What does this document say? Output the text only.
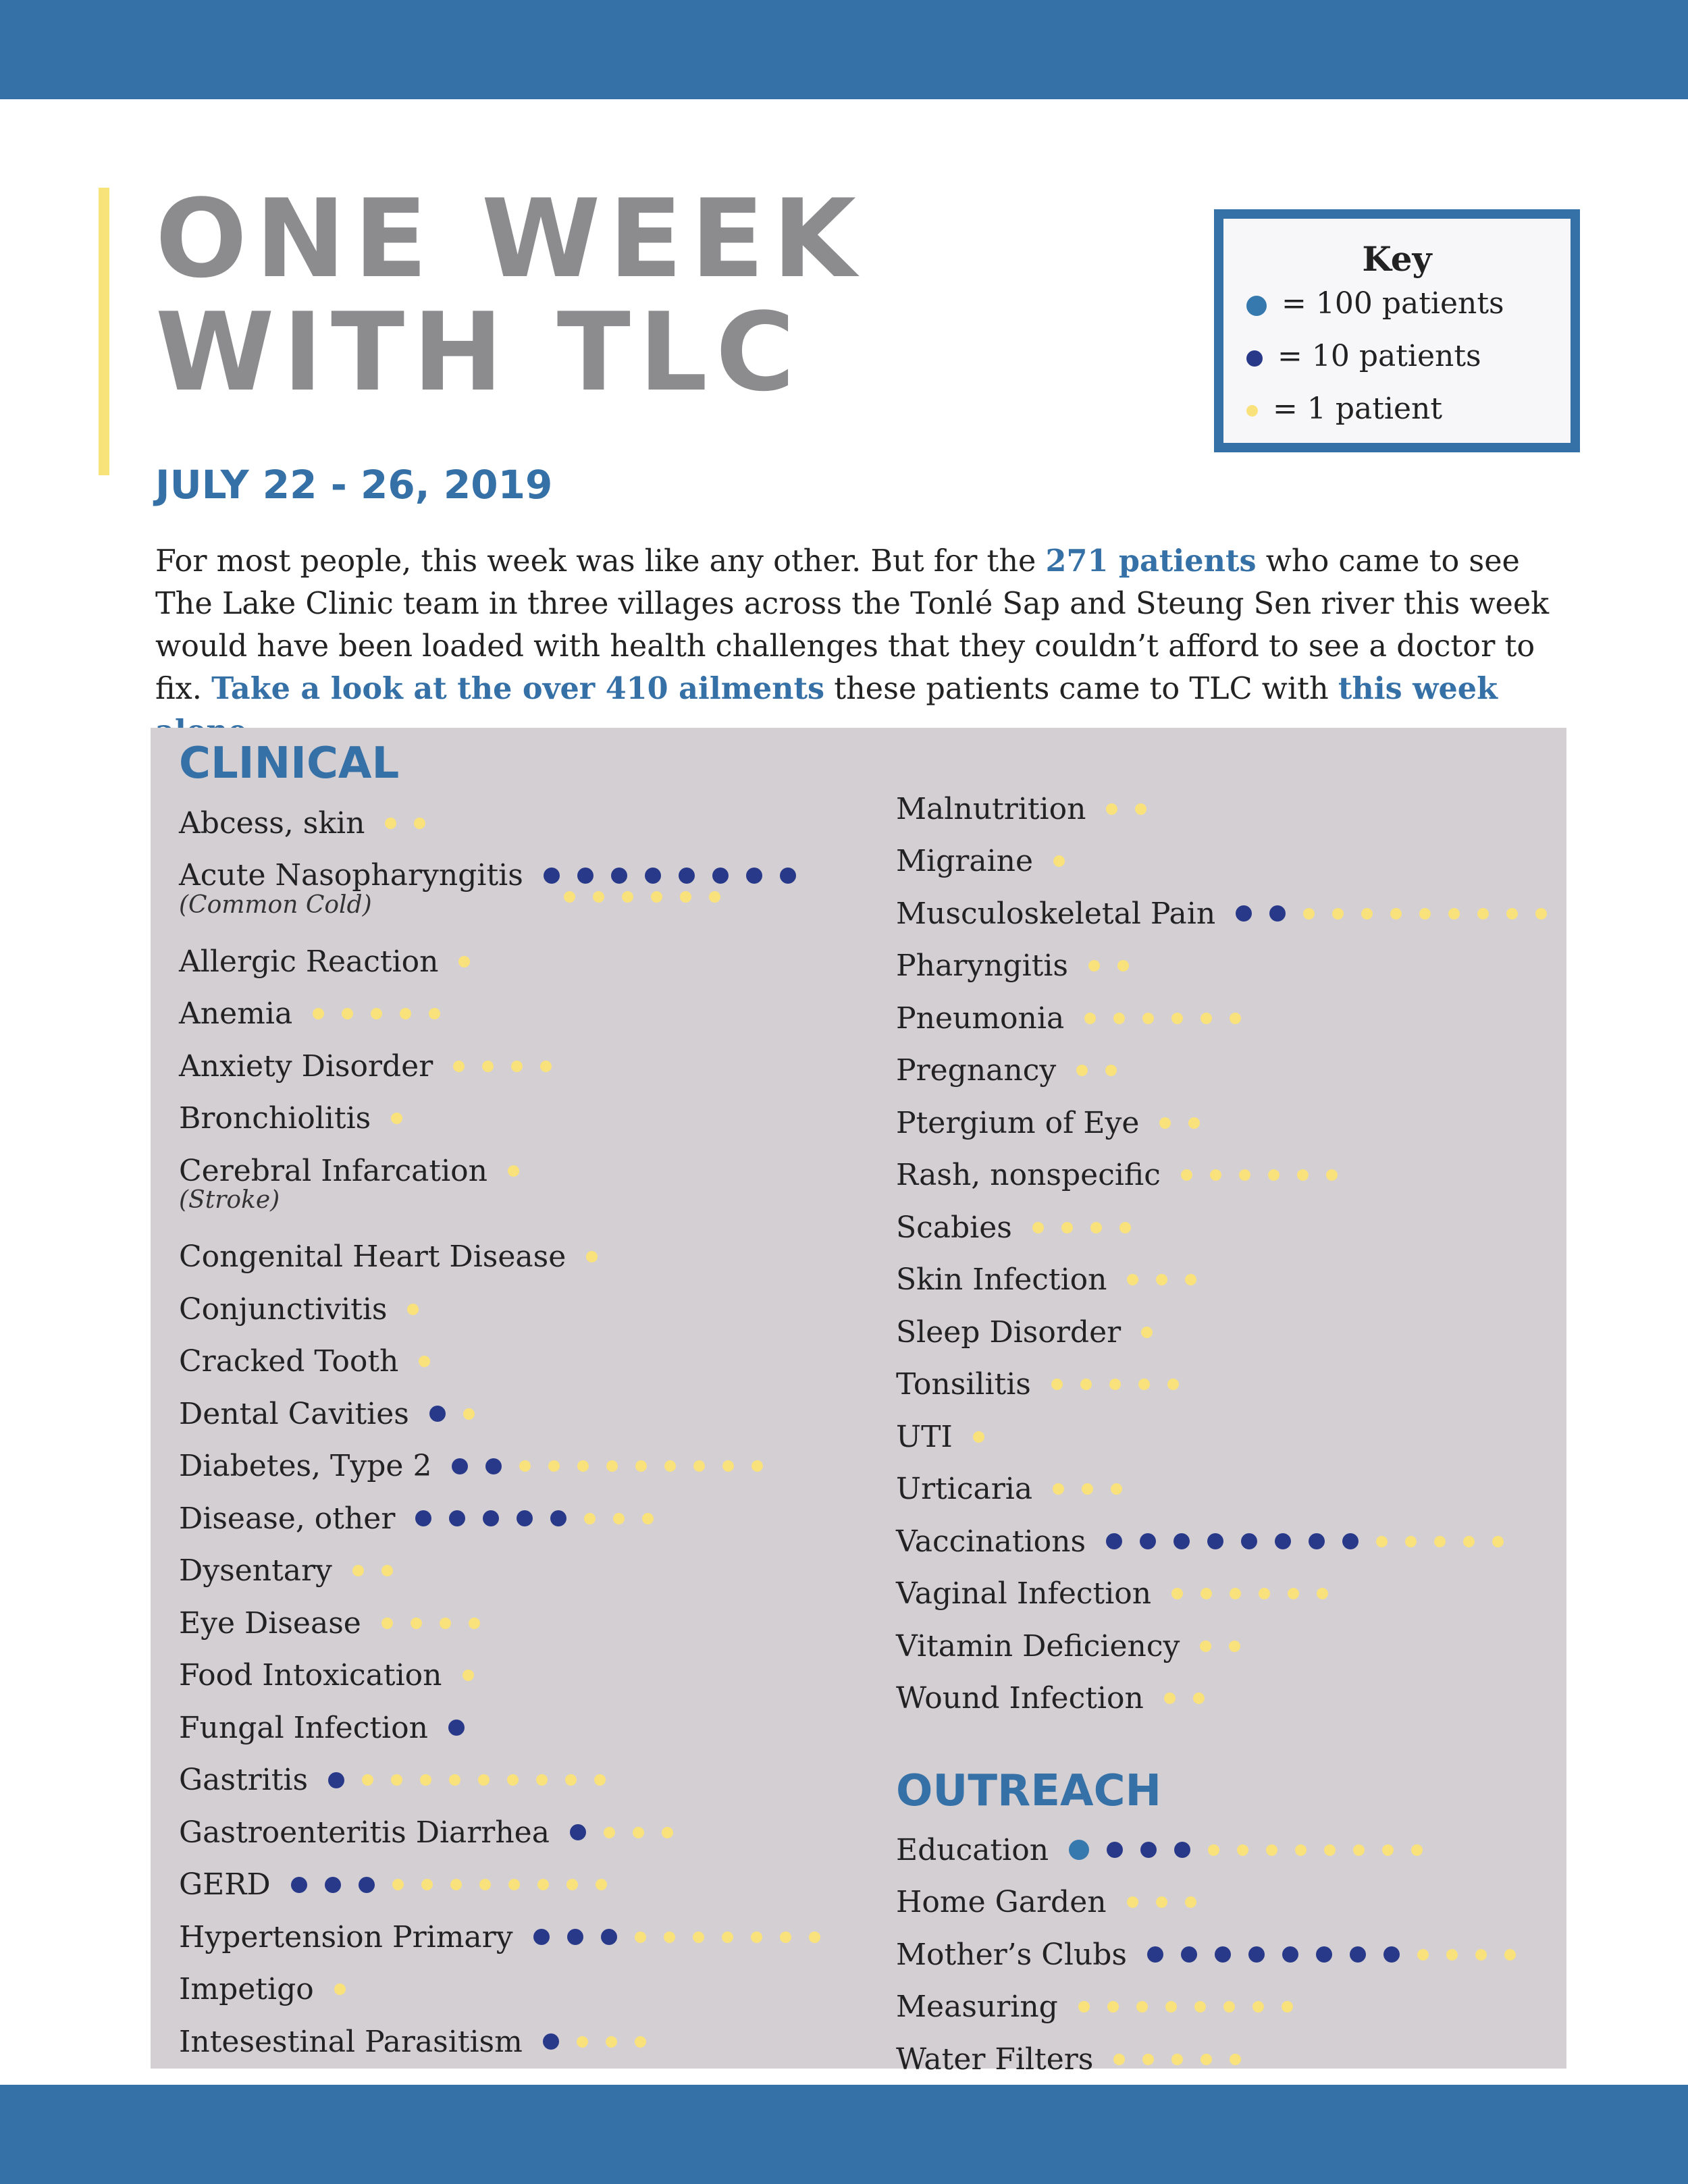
ONE WEEK
WITH TLC
Key
= 100 patients
= 10 patients
= 1 patient
JULY 22 - 26, 2019

For most people, this week was like any other. But for the 271 patients who came to see The Lake Clinic team in three villages across the Tonlé Sap and Steung Sen river this week would have been loaded with health challenges that they couldn’t afford to see a doctor to fix. Take a look at the over 410 ailments these patients came to TLC with this week

CLINICAL
Abcess, skin
Acute Nasopharyngitis
(Common Cold)
Allergic Reaction
Anemia
Anxiety Disorder
Bronchiolitis
Cerebral Infarcation
(Stroke)
Congenital Heart Disease
Conjunctivitis
Cracked Tooth
Dental Cavities
Diabetes, Type 2
Disease, other
Dysentary
Eye Disease
Food Intoxication
Fungal Infection
Gastritis
Gastroenteritis Diarrhea
GERD
Hypertension Primary
Impetigo
Intesestinal Parasitism
Malnutrition
Migraine
Musculoskeletal Pain
Pharyngitis
Pneumonia
Pregnancy
Ptergium of Eye
Rash, nonspecific
Scabies
Skin Infection
Sleep Disorder
Tonsilitis
UTI
Urticaria
Vaccinations
Vaginal Infection
Vitamin Deficiency
Wound Infection
OUTREACH
Education
Home Garden
Mother’s Clubs
Measuring
Water Filters
